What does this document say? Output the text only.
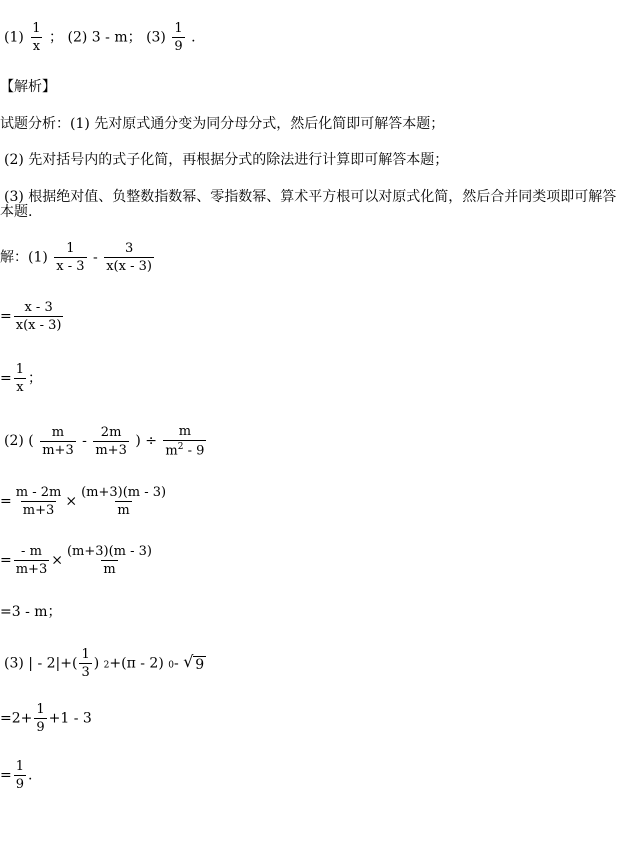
$(1) \frac{1}{x}$ ； (2) 3 - m； $(3) \frac{1}{9}$ .
【解析】
试题分析：(1) 先对原式通分变为同分母分式，然后化简即可解答本题；
(2) 先对括号内的式子化简，再根据分式的除法进行计算即可解答本题；
(3) 根据绝对值、负整数指数幂、零指数幂、算术平方根可以对原式化简，然后合并同类项即可解答
本题.
解：$(1) \frac{1}{x - 3} - \frac{3}{x(x - 3)}$
= $\frac{x - 3}{x(x - 3)}$
= $\frac{1}{x}$ ；
(2) ( $\frac{m}{m+3} - \frac{2m}{m+3}$ ) ÷ $\frac{m}{m^2 - 9}$
= $\frac{m - 2m}{m+3} \times \frac{(m+3)(m - 3)}{m}$
= $\frac{- m}{m+3} \times \frac{(m+3)(m - 3)}{m}$
=3 - m；
(3) | - $2|+( \frac{1}{3}$ ) 2+(π - 2) 0- √ 9
$=2+ \frac{1}{9} +1 - 3$
= $\frac{1}{9}$ .
